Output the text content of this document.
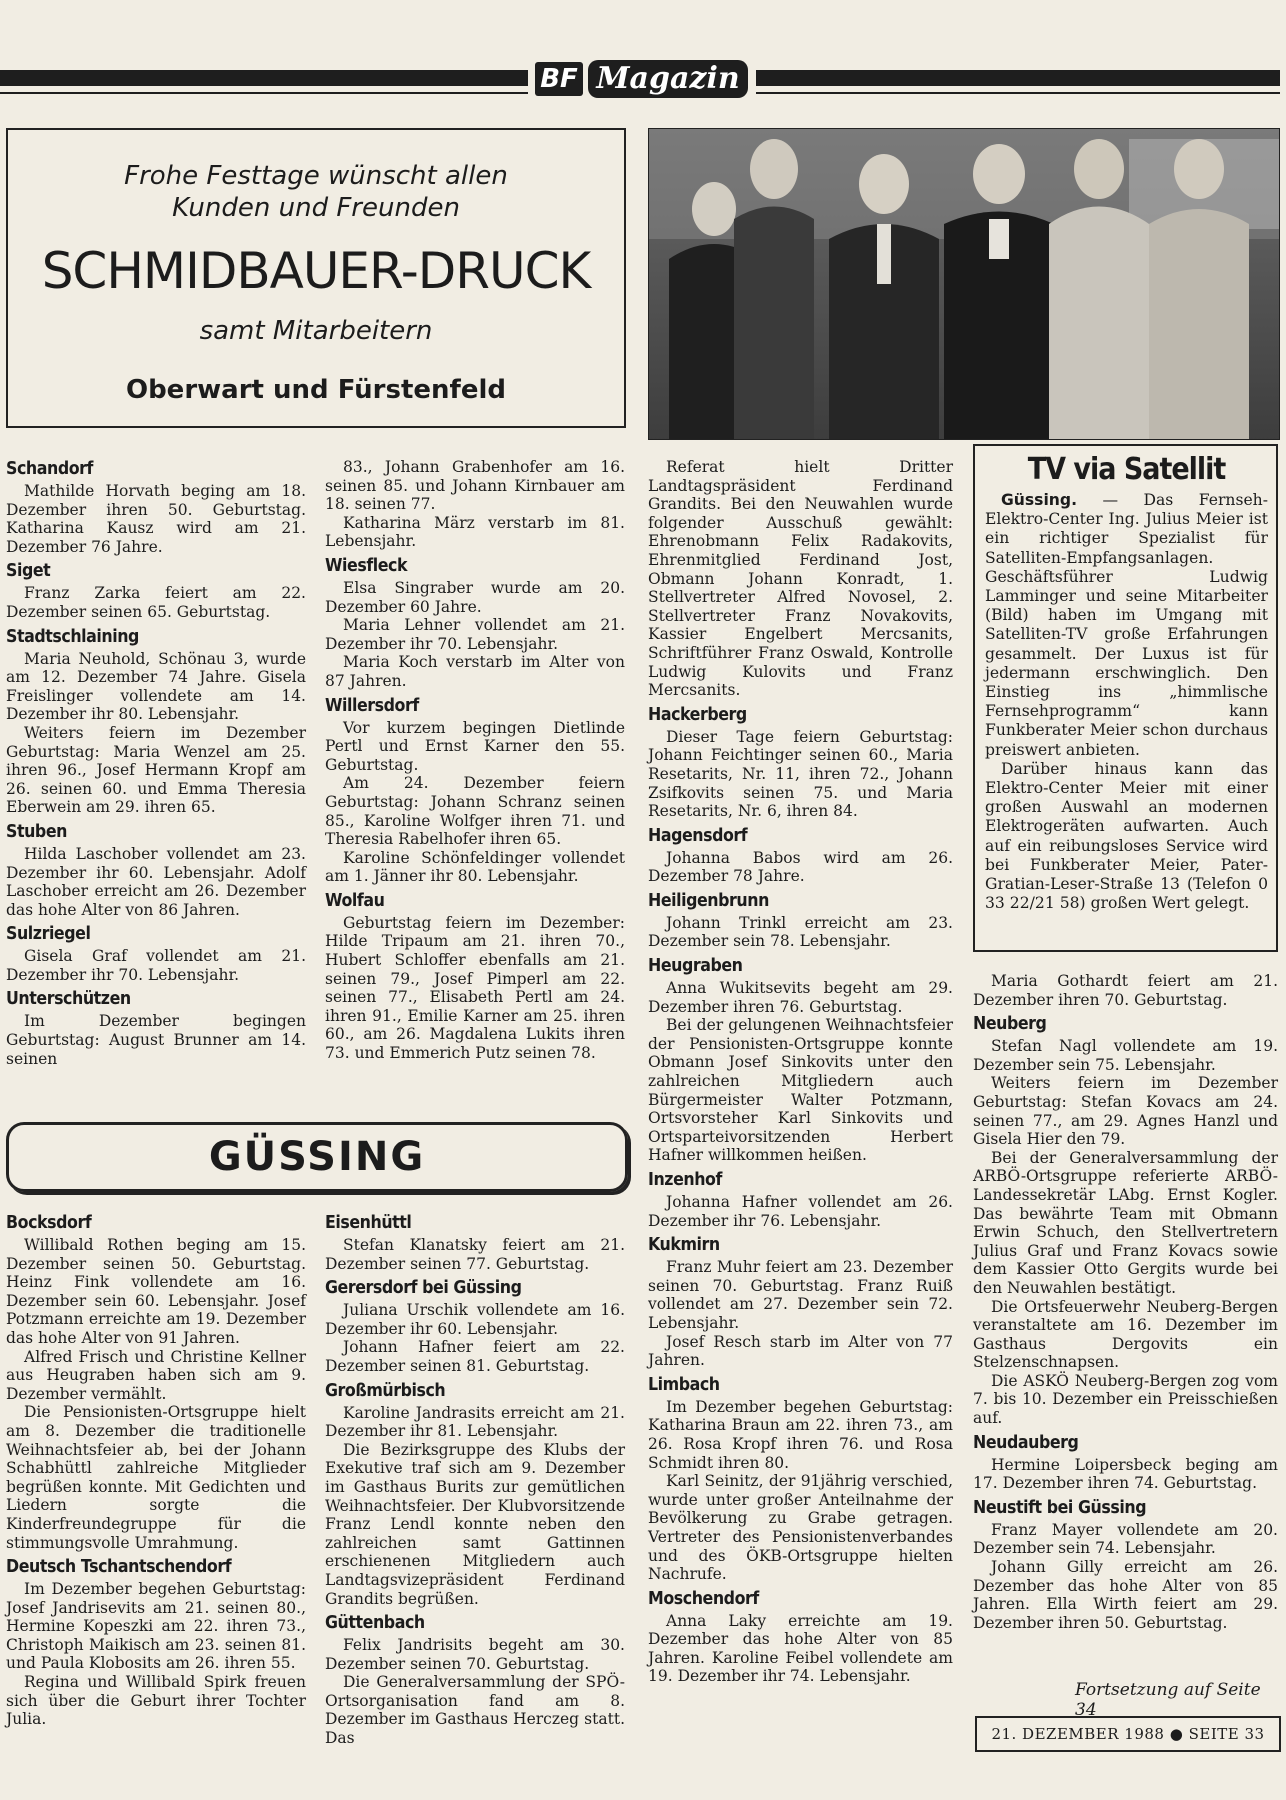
BF Magazin
Frohe Festtage wünscht allen
Kunden und Freunden
SCHMIDBAUER-DRUCK
samt Mitarbeitern
Oberwart und Fürstenfeld
TV via Satellit

Güssing. — Das Fernseh-Elektro-Center Ing. Julius Meier ist ein richtiger Spezialist für Satelliten-Empfangsanlagen. Geschäftsführer Ludwig Lamminger und seine Mitarbeiter (Bild) haben im Umgang mit Satelliten-TV große Erfahrungen gesammelt. Der Luxus ist für jedermann erschwinglich. Den Einstieg ins „himmlische Fernsehprogramm“ kann Funkberater Meier schon durchaus preiswert anbieten.

Darüber hinaus kann das Elektro-Center Meier mit einer großen Auswahl an modernen Elektrogeräten aufwarten. Auch auf ein reibungsloses Service wird bei Funkberater Meier, Pater-Gratian-Leser-Straße 13 (Telefon 0 33 22/21 58) großen Wert gelegt.

Schandorf

Mathilde Horvath beging am 18. Dezember ihren 50. Geburtstag. Katharina Kausz wird am 21. Dezember 76 Jahre.

Siget

Franz Zarka feiert am 22. Dezember seinen 65. Geburtstag.

Stadtschlaining

Maria Neuhold, Schönau 3, wurde am 12. Dezember 74 Jahre. Gisela Freislinger vollendete am 14. Dezember ihr 80. Lebensjahr.

Weiters feiern im Dezember Geburtstag: Maria Wenzel am 25. ihren 96., Josef Hermann Kropf am 26. seinen 60. und Emma Theresia Eberwein am 29. ihren 65.

Stuben

Hilda Laschober vollendet am 23. Dezember ihr 60. Lebensjahr. Adolf Laschober erreicht am 26. Dezember das hohe Alter von 86 Jahren.

Sulzriegel

Gisela Graf vollendet am 21. Dezember ihr 70. Lebensjahr.

Unterschützen

Im Dezember begingen Geburtstag: August Brunner am 14. seinen

83., Johann Grabenhofer am 16. seinen 85. und Johann Kirnbauer am 18. seinen 77.

Katharina März verstarb im 81. Lebensjahr.

Wiesfleck

Elsa Singraber wurde am 20. Dezember 60 Jahre.

Maria Lehner vollendet am 21. Dezember ihr 70. Lebensjahr.

Maria Koch verstarb im Alter von 87 Jahren.

Willersdorf

Vor kurzem begingen Dietlinde Pertl und Ernst Karner den 55. Geburtstag.

Am 24. Dezember feiern Geburtstag: Johann Schranz seinen 85., Karoline Wolfger ihren 71. und Theresia Rabelhofer ihren 65.

Karoline Schönfeldinger vollendet am 1. Jänner ihr 80. Lebensjahr.

Wolfau

Geburtstag feiern im Dezember: Hilde Tripaum am 21. ihren 70., Hubert Schloffer ebenfalls am 21. seinen 79., Josef Pimperl am 22. seinen 77., Elisabeth Pertl am 24. ihren 91., Emilie Karner am 25. ihren 60., am 26. Magdalena Lukits ihren 73. und Emmerich Putz seinen 78.

Referat hielt Dritter Landtagspräsident Ferdinand Grandits. Bei den Neuwahlen wurde folgender Ausschuß gewählt: Ehrenobmann Felix Radakovits, Ehrenmitglied Ferdinand Jost, Obmann Johann Konradt, 1. Stellvertreter Alfred Novosel, 2. Stellvertreter Franz Novakovits, Kassier Engelbert Mercsanits, Schriftführer Franz Oswald, Kontrolle Ludwig Kulovits und Franz Mercsanits.

Hackerberg

Dieser Tage feiern Geburtstag: Johann Feichtinger seinen 60., Maria Resetarits, Nr. 11, ihren 72., Johann Zsifkovits seinen 75. und Maria Resetarits, Nr. 6, ihren 84.

Hagensdorf

Johanna Babos wird am 26. Dezember 78 Jahre.

Heiligenbrunn

Johann Trinkl erreicht am 23. Dezember sein 78. Lebensjahr.

Heugraben

Anna Wukitsevits begeht am 29. Dezember ihren 76. Geburtstag.

Bei der gelungenen Weihnachtsfeier der Pensionisten-Ortsgruppe konnte Obmann Josef Sinkovits unter den zahlreichen Mitgliedern auch Bürgermeister Walter Potzmann, Ortsvorsteher Karl Sinkovits und Ortsparteivorsitzenden Herbert Hafner willkommen heißen.

Inzenhof

Johanna Hafner vollendet am 26. Dezember ihr 76. Lebensjahr.

Kukmirn

Franz Muhr feiert am 23. Dezember seinen 70. Geburtstag. Franz Ruiß vollendet am 27. Dezember sein 72. Lebensjahr.

Josef Resch starb im Alter von 77 Jahren.

Limbach

Im Dezember begehen Geburtstag: Katharina Braun am 22. ihren 73., am 26. Rosa Kropf ihren 76. und Rosa Schmidt ihren 80.

Karl Seinitz, der 91jährig verschied, wurde unter großer Anteilnahme der Bevölkerung zu Grabe getragen. Vertreter des Pensionistenverbandes und des ÖKB-Ortsgruppe hielten Nachrufe.

Moschendorf

Anna Laky erreichte am 19. Dezember das hohe Alter von 85 Jahren. Karoline Feibel vollendete am 19. Dezember ihr 74. Lebensjahr.

Maria Gothardt feiert am 21. Dezember ihren 70. Geburtstag.

Neuberg

Stefan Nagl vollendete am 19. Dezember sein 75. Lebensjahr.

Weiters feiern im Dezember Geburtstag: Stefan Kovacs am 24. seinen 77., am 29. Agnes Hanzl und Gisela Hier den 79.

Bei der Generalversammlung der ARBÖ-Ortsgruppe referierte ARBÖ-Landessekretär LAbg. Ernst Kogler. Das bewährte Team mit Obmann Erwin Schuch, den Stellvertretern Julius Graf und Franz Kovacs sowie dem Kassier Otto Gergits wurde bei den Neuwahlen bestätigt.

Die Ortsfeuerwehr Neuberg-Bergen veranstaltete am 16. Dezember im Gasthaus Dergovits ein Stelzenschnapsen.

Die ASKÖ Neuberg-Bergen zog vom 7. bis 10. Dezember ein Preisschießen auf.

Neudauberg

Hermine Loipersbeck beging am 17. Dezember ihren 74. Geburtstag.

Neustift bei Güssing

Franz Mayer vollendete am 20. Dezember sein 74. Lebensjahr.

Johann Gilly erreicht am 26. Dezember das hohe Alter von 85 Jahren. Ella Wirth feiert am 29. Dezember ihren 50. Geburtstag.

GÜSSING
Bocksdorf

Willibald Rothen beging am 15. Dezember seinen 50. Geburtstag. Heinz Fink vollendete am 16. Dezember sein 60. Lebensjahr. Josef Potzmann erreichte am 19. Dezember das hohe Alter von 91 Jahren.

Alfred Frisch und Christine Kellner aus Heugraben haben sich am 9. Dezember vermählt.

Die Pensionisten-Ortsgruppe hielt am 8. Dezember die traditionelle Weihnachtsfeier ab, bei der Johann Schabhüttl zahlreiche Mitglieder begrüßen konnte. Mit Gedichten und Liedern sorgte die Kinderfreundegruppe für die stimmungsvolle Umrahmung.

Deutsch Tschantschendorf

Im Dezember begehen Geburtstag: Josef Jandrisevits am 21. seinen 80., Hermine Kopeszki am 22. ihren 73., Christoph Maikisch am 23. seinen 81. und Paula Klobosits am 26. ihren 55.

Regina und Willibald Spirk freuen sich über die Geburt ihrer Tochter Julia.

Eisenhüttl

Stefan Klanatsky feiert am 21. Dezember seinen 77. Geburtstag.

Gerersdorf bei Güssing

Juliana Urschik vollendete am 16. Dezember ihr 60. Lebensjahr.

Johann Hafner feiert am 22. Dezember seinen 81. Geburtstag.

Großmürbisch

Karoline Jandrasits erreicht am 21. Dezember ihr 81. Lebensjahr.

Die Bezirksgruppe des Klubs der Exekutive traf sich am 9. Dezember im Gasthaus Burits zur gemütlichen Weihnachtsfeier. Der Klubvorsitzende Franz Lendl konnte neben den zahlreichen samt Gattinnen erschienenen Mitgliedern auch Landtagsvizepräsident Ferdinand Grandits begrüßen.

Güttenbach

Felix Jandrisits begeht am 30. Dezember seinen 70. Geburtstag.

Die Generalversammlung der SPÖ-Ortsorganisation fand am 8. Dezember im Gasthaus Herczeg statt. Das

Fortsetzung auf Seite 34
21. DEZEMBER 1988 ● SEITE 33
